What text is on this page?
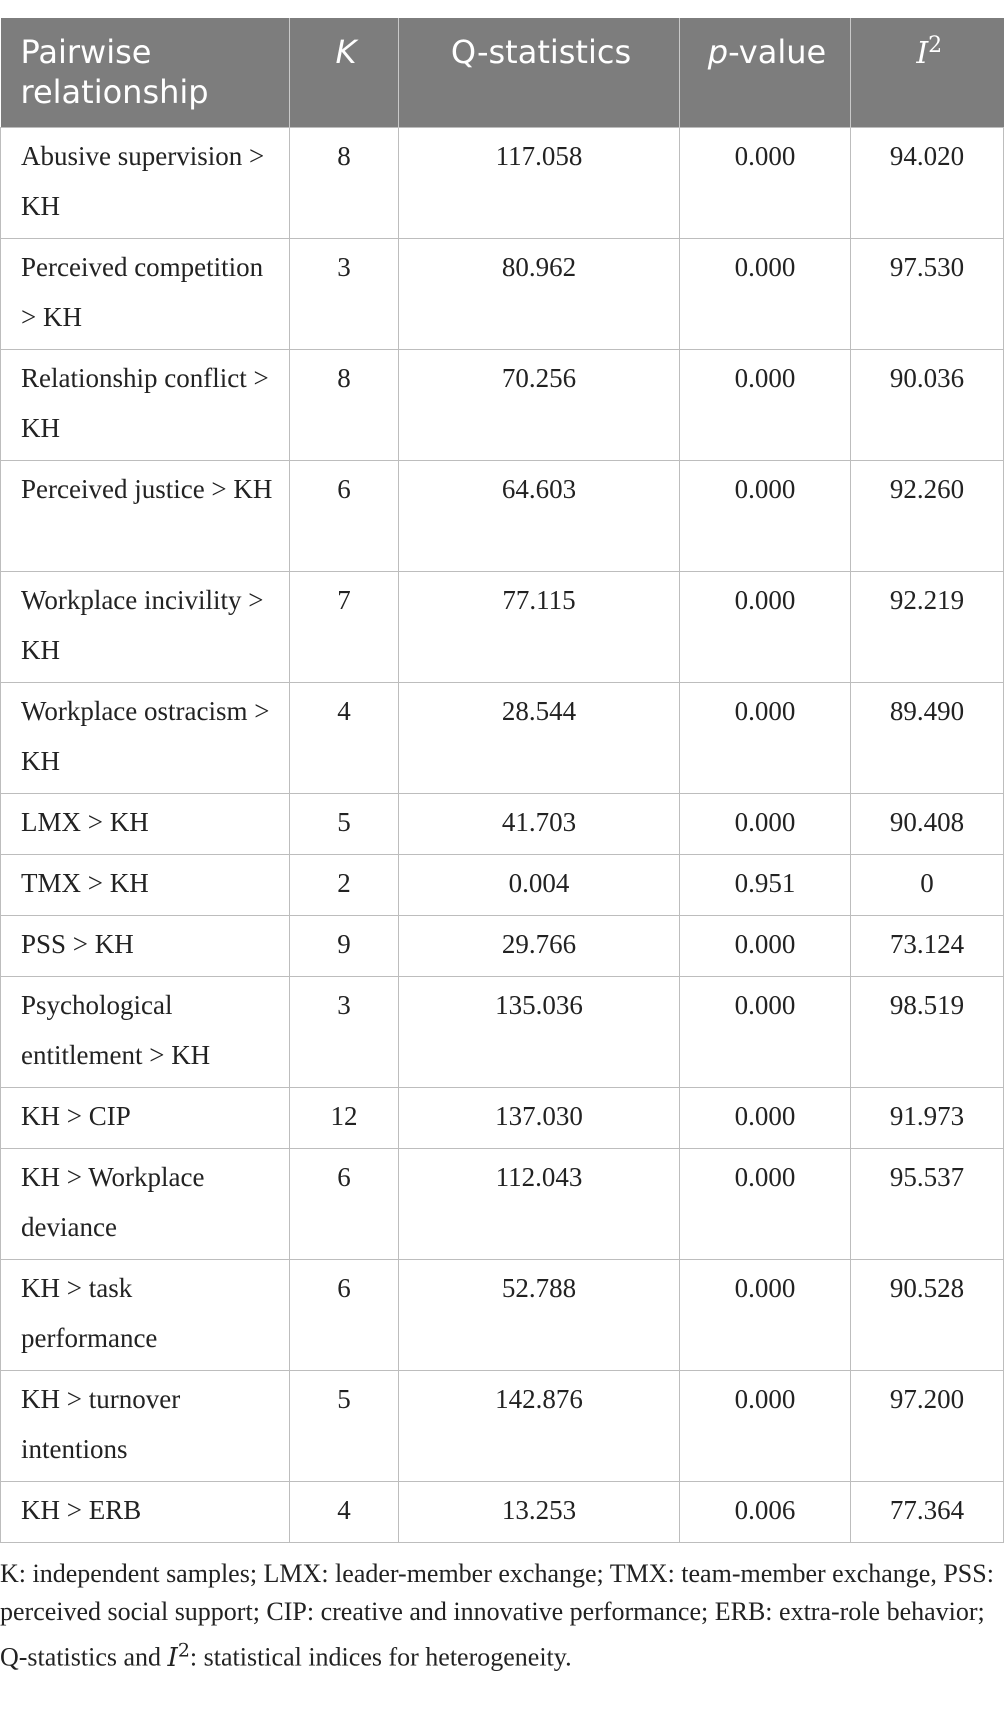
Pairwise relationship	K	Q-statistics	p-value	$I^2$

Abusive supervision > KH	8	117.058	0.000	94.020
Perceived competition > KH	3	80.962	0.000	97.530
Relationship conflict > KH	8	70.256	0.000	90.036
Perceived justice > KH	6	64.603	0.000	92.260
Workplace incivility > KH	7	77.115	0.000	92.219
Workplace ostracism > KH	4	28.544	0.000	89.490
LMX > KH	5	41.703	0.000	90.408
TMX > KH	2	0.004	0.951	0
PSS > KH	9	29.766	0.000	73.124
Psychological entitlement > KH	3	135.036	0.000	98.519
KH > CIP	12	137.030	0.000	91.973
KH > Workplace deviance	6	112.043	0.000	95.537
KH > task performance	6	52.788	0.000	90.528
KH > turnover intentions	5	142.876	0.000	97.200
KH > ERB	4	13.253	0.006	77.364
K: independent samples; LMX: leader-member exchange; TMX: team-member exchange, PSS: perceived social support; CIP: creative and innovative performance; ERB: extra-role behavior; Q-statistics and $I^2$: statistical indices for heterogeneity.
